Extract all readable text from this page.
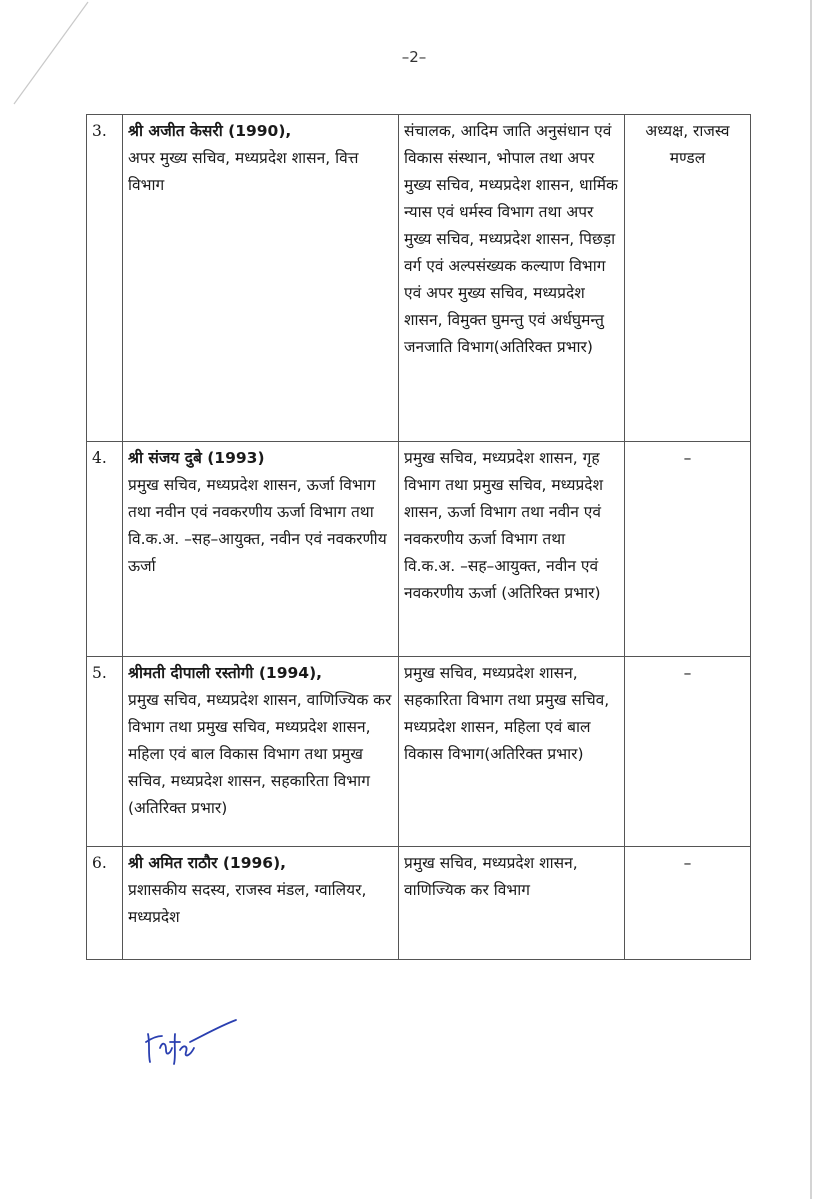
–2–
3.	श्री अजीत केसरी (1990),
अपर मुख्य सचिव, मध्यप्रदेश शासन, वित्त विभाग	संचालक, आदिम जाति अनुसंधान एवं विकास संस्थान, भोपाल तथा अपर मुख्य सचिव, मध्यप्रदेश शासन, धार्मिक न्यास एवं धर्मस्व विभाग तथा अपर मुख्य सचिव, मध्यप्रदेश शासन, पिछड़ा वर्ग एवं अल्पसंख्यक कल्याण विभाग एवं अपर मुख्य सचिव, मध्यप्रदेश शासन, विमुक्त घुमन्तु एवं अर्धघुमन्तु जनजाति विभाग(अतिरिक्त प्रभार)	अध्यक्ष, राजस्व मण्डल
4.	श्री संजय दुबे (1993)
प्रमुख सचिव, मध्यप्रदेश शासन, ऊर्जा विभाग तथा नवीन एवं नवकरणीय ऊर्जा विभाग तथा वि.क.अ. –सह–आयुक्त, नवीन एवं नवकरणीय ऊर्जा	प्रमुख सचिव, मध्यप्रदेश शासन, गृह विभाग तथा प्रमुख सचिव, मध्यप्रदेश शासन, ऊर्जा विभाग तथा नवीन एवं नवकरणीय ऊर्जा विभाग तथा वि.क.अ. –सह–आयुक्त, नवीन एवं नवकरणीय ऊर्जा (अतिरिक्त प्रभार)	–
5.	श्रीमती दीपाली रस्तोगी (1994),
प्रमुख सचिव, मध्यप्रदेश शासन, वाणिज्यिक कर विभाग तथा प्रमुख सचिव, मध्यप्रदेश शासन, महिला एवं बाल विकास विभाग तथा प्रमुख सचिव, मध्यप्रदेश शासन, सहकारिता विभाग (अतिरिक्त प्रभार)	प्रमुख सचिव, मध्यप्रदेश शासन, सहकारिता विभाग तथा प्रमुख सचिव, मध्यप्रदेश शासन, महिला एवं बाल विकास विभाग(अतिरिक्त प्रभार)	–
6.	श्री अमित राठौर (1996),
प्रशासकीय सदस्य, राजस्व मंडल, ग्वालियर, मध्यप्रदेश	प्रमुख सचिव, मध्यप्रदेश शासन, वाणिज्यिक कर विभाग	–
